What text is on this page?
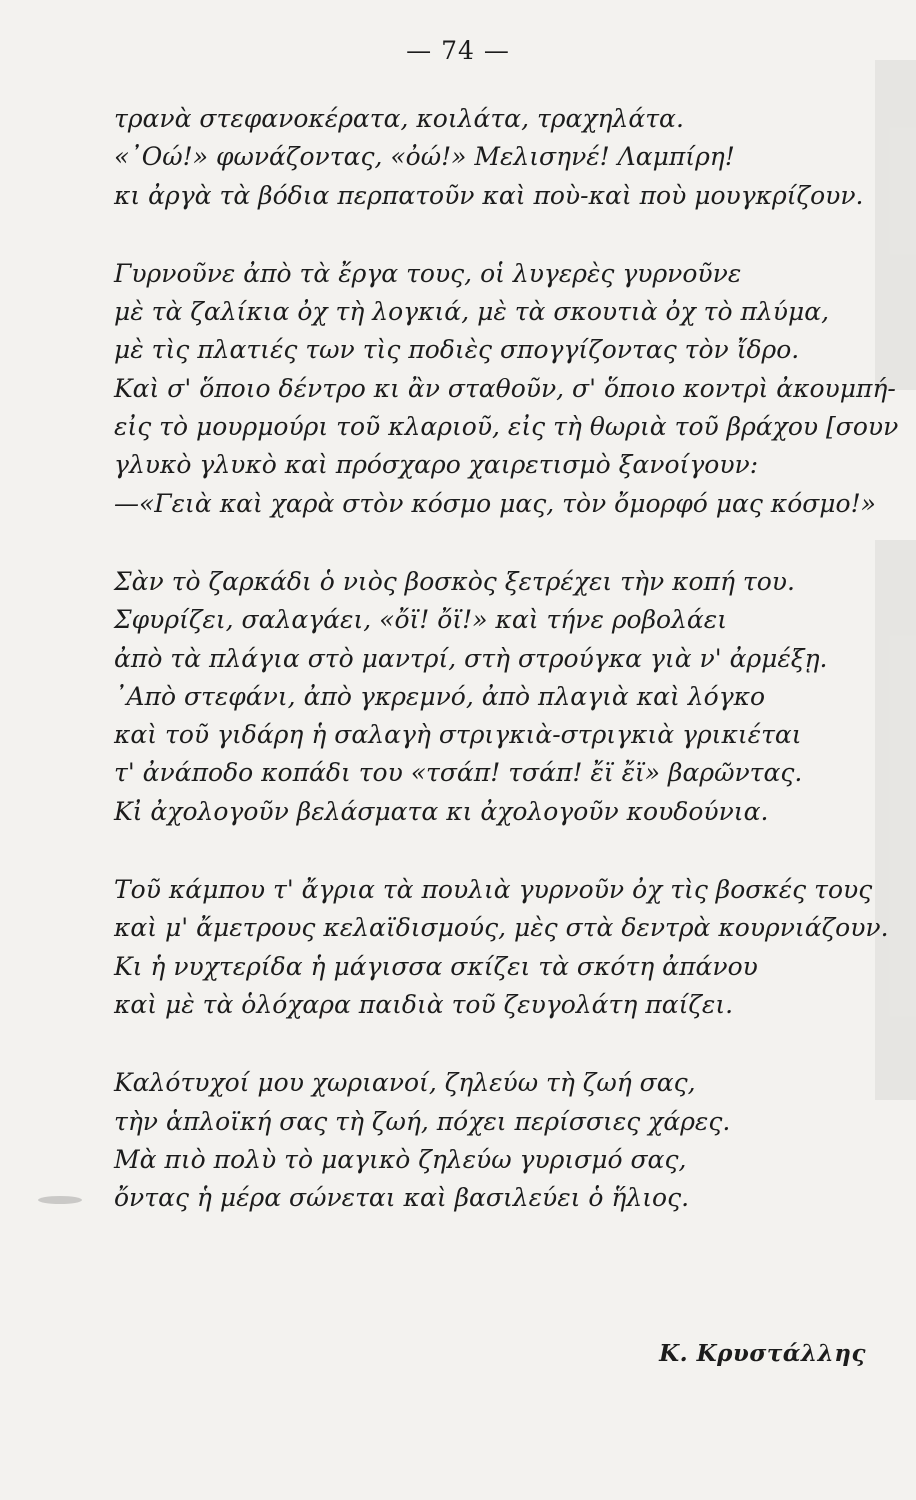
— 74 —
τρανὰ στεφανοκέρατα, κοιλάτα, τραχηλάτα.
«᾿Οώ!» φωνάζοντας, «ὀώ!» Μελισηνέ! Λαμπίρη!
κι ἀργὰ τὰ βόδια περπατοῦν καὶ ποὺ-καὶ ποὺ μουγκρίζουν.
Γυρνοῦνε ἀπὸ τὰ ἔργα τους, οἱ λυγερὲς γυρνοῦνε
μὲ τὰ ζαλίκια ὀχ τὴ λογκιά, μὲ τὰ σκουτιὰ ὀχ τὸ πλύμα,
μὲ τὶς πλατιές των τὶς ποδιὲς σπογγίζοντας τὸν ἴδρο.
Καὶ σ' ὅποιο δέντρο κι ἂν σταθοῦν, σ' ὅποιο κοντρὶ ἀκουμπή-
εἰς τὸ μουρμούρι τοῦ κλαριοῦ, εἰς τὴ θωριὰ τοῦ βράχου [σουν
γλυκὸ γλυκὸ καὶ πρόσχαρο χαιρετισμὸ ξανοίγουν:
—«Γειὰ καὶ χαρὰ στὸν κόσμο μας, τὸν ὄμορφό μας κόσμο!»
Σὰν τὸ ζαρκάδι ὁ νιὸς βοσκὸς ξετρέχει τὴν κοπή του.
Σφυρίζει, σαλαγάει, «ὄϊ! ὄϊ!» καὶ τήνε ροβολάει
ἀπὸ τὰ πλάγια στὸ μαντρί, στὴ στρούγκα γιὰ ν' ἀρμέξῃ.
᾿Απὸ στεφάνι, ἀπὸ γκρεμνό, ἀπὸ πλαγιὰ καὶ λόγκο
καὶ τοῦ γιδάρη ἡ σαλαγὴ στριγκιὰ-στριγκιὰ γρικιέται
τ' ἀνάποδο κοπάδι του «τσάπ! τσάπ! ἔϊ ἔϊ» βαρῶντας.
Κἰ ἀχολογοῦν βελάσματα κι ἀχολογοῦν κουδούνια.
Τοῦ κάμπου τ' ἄγρια τὰ πουλιὰ γυρνοῦν ὀχ τὶς βοσκές τους
καὶ μ' ἄμετρους κελαϊδισμούς, μὲς στὰ δεντρὰ κουρνιάζουν.
Κι ἡ νυχτερίδα ἡ μάγισσα σκίζει τὰ σκότη ἀπάνου
καὶ μὲ τὰ ὁλόχαρα παιδιὰ τοῦ ζευγολάτη παίζει.
Καλότυχοί μου χωριανοί, ζηλεύω τὴ ζωή σας,
τὴν ἁπλοϊκή σας τὴ ζωή, πόχει περίσσιες χάρες.
Μὰ πιὸ πολὺ τὸ μαγικὸ ζηλεύω γυρισμό σας,
ὄντας ἡ μέρα σώνεται καὶ βασιλεύει ὁ ἥλιος.
Κ. Κρυστάλλης
